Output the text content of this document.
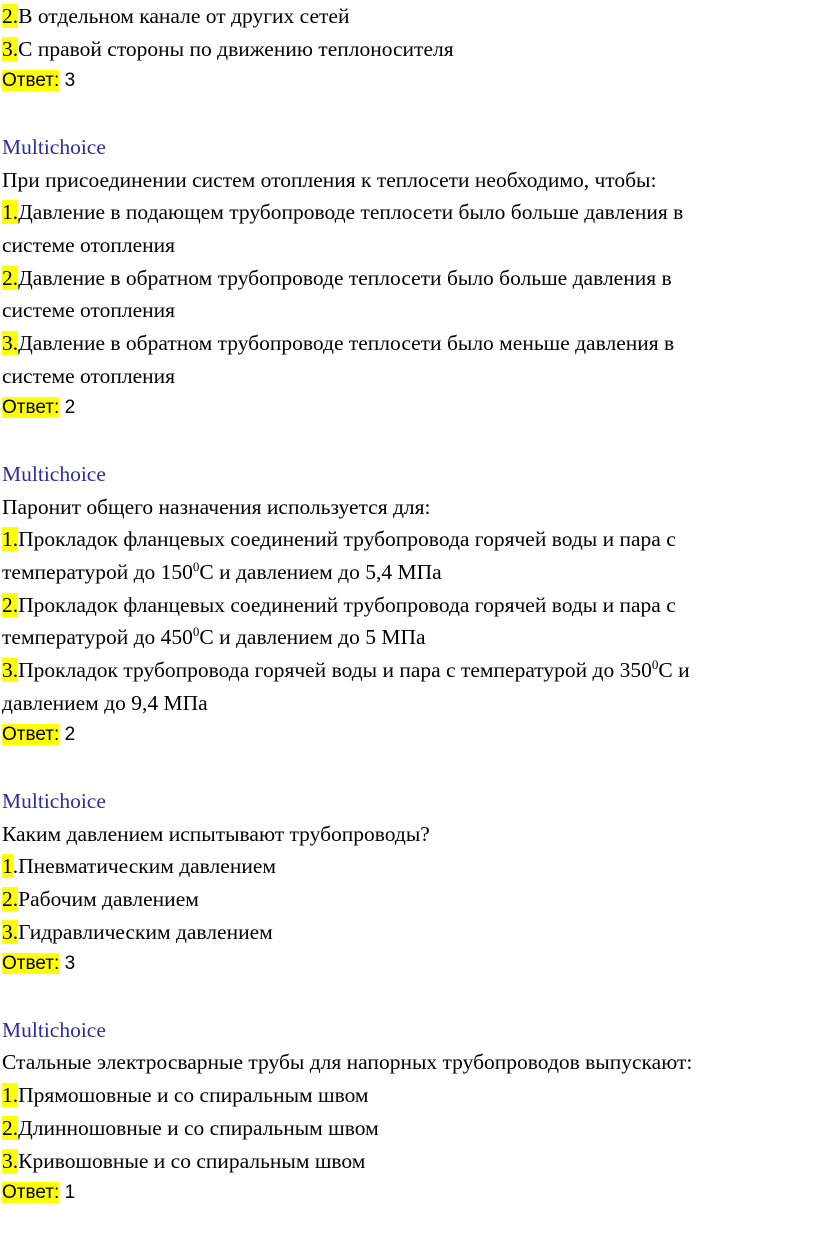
2.В отдельном канале от других сетей
3.С правой стороны по движению теплоносителя
Ответ: 3
Multichoice
При присоединении систем отопления к теплосети необходимо, чтобы:
1.Давление в подающем трубопроводе теплосети было больше давления в
системе отопления
2.Давление в обратном трубопроводе теплосети было больше давления в
системе отопления
3.Давление в обратном трубопроводе теплосети было меньше давления в
системе отопления
Ответ: 2
Multichoice
Паронит общего назначения используется для:
1.Прокладок фланцевых соединений трубопровода горячей воды и пара с
температурой до $150^0С$ и давлением до 5,4 МПа
2.Прокладок фланцевых соединений трубопровода горячей воды и пара с
температурой до $450^0С$ и давлением до 5 МПа
3.Прокладок трубопровода горячей воды и пара с температурой до $350^0С$ и
давлением до 9,4 МПа
Ответ: 2
Multichoice
Каким давлением испытывают трубопроводы?
1.Пневматическим давлением
2.Рабочим давлением
3.Гидравлическим давлением
Ответ: 3
Multichoice
Стальные электросварные трубы для напорных трубопроводов выпускают:
1.Прямошовные и со спиральным швом
2.Длинношовные и со спиральным швом
3.Кривошовные и со спиральным швом
Ответ: 1
